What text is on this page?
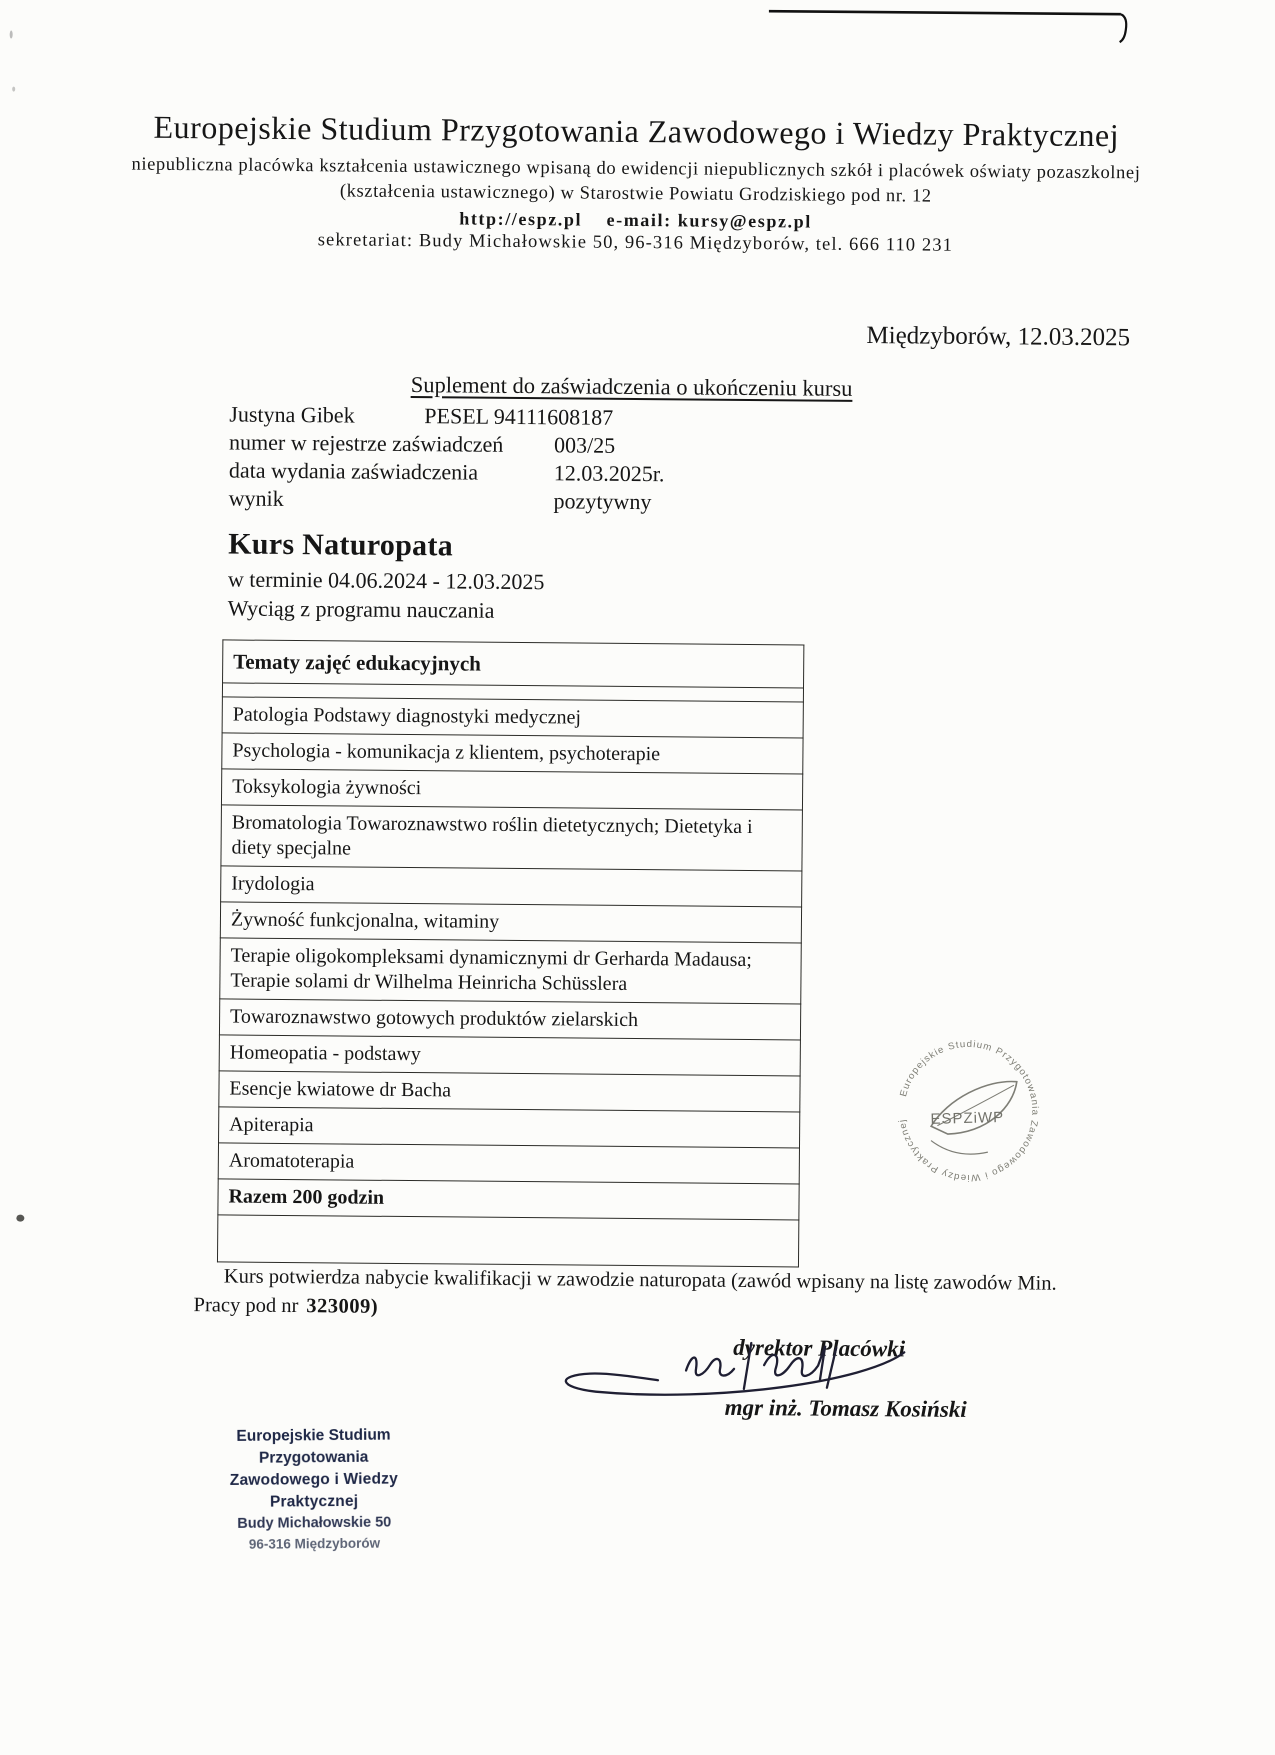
Europejskie Studium Przygotowania Zawodowego i Wiedzy Praktycznej
niepubliczna placówka kształcenia ustawicznego wpisaną do ewidencji niepublicznych szkół i placówek oświaty pozaszkolnej (kształcenia ustawicznego) w Starostwie Powiatu Grodziskiego pod nr. 12
http://espz.pl    e-mail: kursy@espz.pl
sekretariat: Budy Michałowskie 50, 96-316 Międzyborów, tel. 666 110 231
Międzyborów, 12.03.2025
Suplement do zaświadczenia o ukończeniu kursu
Justyna Gibek	PESEL 94111608187
numer w rejestrze zaświadczeń	003/25
data wydania zaświadczenia	12.03.2025r.
wynik	pozytywny
Kurs Naturopata
w terminie 04.06.2024 - 12.03.2025
Wyciąg z programu nauczania
Tematy zajęć edukacyjnych

Patologia Podstawy diagnostyki medycznej
Psychologia - komunikacja z klientem, psychoterapie
Toksykologia żywności
Bromatologia Towaroznawstwo roślin dietetycznych; Dietetyka i diety specjalne
Irydologia
Żywność funkcjonalna, witaminy
Terapie oligokompleksami dynamicznymi dr Gerharda Madausa; Terapie solami dr Wilhelma Heinricha Schüsslera
Towaroznawstwo gotowych produktów zielarskich
Homeopatia - podstawy
Esencje kwiatowe dr Bacha
Apiterapia
Aromatoterapia
Razem 200 godzin

Kurs potwierdza nabycie kwalifikacji w zawodzie naturopata (zawód wpisany na listę zawodów Min. Pracy pod nr 323009)
Europejskie Studium Przygotowania Zawodowego i Wiedzy Praktycznej	ESPZiWP
dyrektor Placówki
mgr inż. Tomasz Kosiński
Europejskie Studium Przygotowania
Zawodowego i Wiedzy Praktycznej
Budy Michałowskie 50
96-316 Międzyborów
